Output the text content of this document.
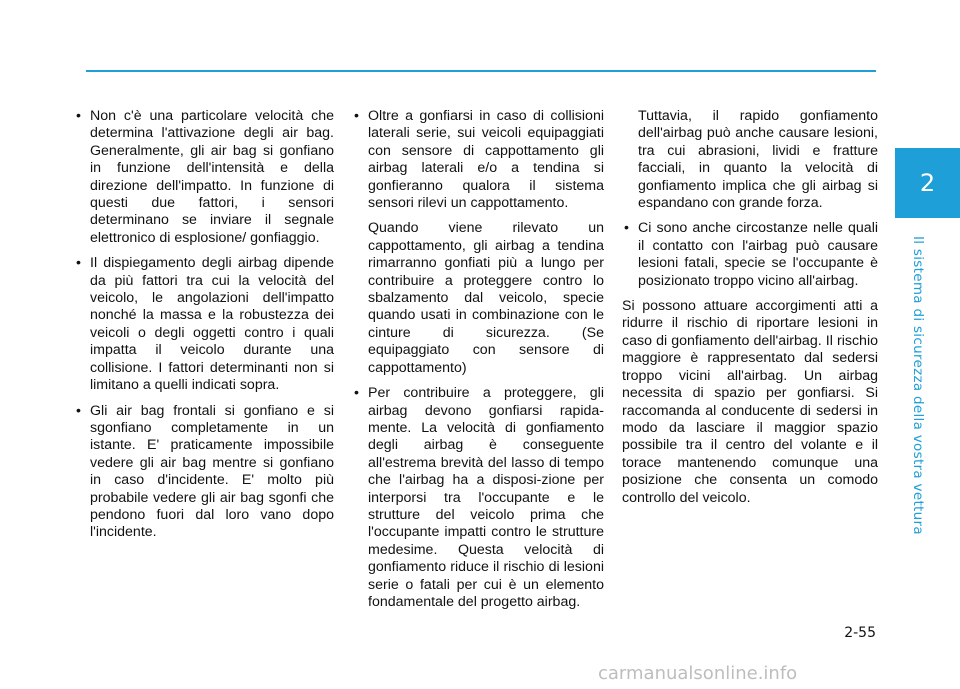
2
Il sistema di sicurezza della vostra vettura
• Non c'è una particolare velocità che determina l'attivazione degli air bag. Generalmente, gli air bag si gonfiano in funzione dell'intensità e della direzione dell'impatto. In funzione di questi due fattori, i sensori determinano se inviare il segnale elettronico di esplosione/ gonfiaggio.
• Il dispiegamento degli airbag dipende da più fattori tra cui la velocità del veicolo, le angolazioni dell'impatto nonché la massa e la robustezza dei veicoli o degli oggetti contro i quali impatta il veicolo durante una collisione. I fattori determinanti non si limitano a quelli indicati sopra.
• Gli air bag frontali si gonfiano e si sgonfiano completamente in un istante. E' praticamente impossibile vedere gli air bag mentre si gonfiano in caso d'incidente. E' molto più probabile vedere gli air bag sgonfi che pendono fuori dal loro vano dopo l'incidente.
• Oltre a gonfiarsi in caso di collisioni laterali serie, sui veicoli equipaggiati con sensore di cappottamento gli airbag laterali e/o a tendina si gonfieranno qualora il sistema sensori rilevi un cappottamento.

Quando viene rilevato un cappottamento, gli airbag a tendina rimarranno gonfiati più a lungo per contribuire a proteggere contro lo sbalzamento dal veicolo, specie quando usati in combinazione con le cinture di sicurezza. (Se equipaggiato con sensore di cappottamento)

• Per contribuire a proteggere, gli airbag devono gonfiarsi rapida-mente. La velocità di gonfiamento degli airbag è conseguente all'estrema brevità del lasso di tempo che l'airbag ha a disposi-zione per interporsi tra l'occupante e le strutture del veicolo prima che l'occupante impatti contro le strutture medesime. Questa velocità di gonfiamento riduce il rischio di lesioni serie o fatali per cui è un elemento fondamentale del progetto airbag.

Tuttavia, il rapido gonfiamento dell'airbag può anche causare lesioni, tra cui abrasioni, lividi e fratture facciali, in quanto la velocità di gonfiamento implica che gli airbag si espandano con grande forza.

• Ci sono anche circostanze nelle quali il contatto con l'airbag può causare lesioni fatali, specie se l'occupante è posizionato troppo vicino all'airbag.

Si possono attuare accorgimenti atti a ridurre il rischio di riportare lesioni in caso di gonfiamento dell'airbag. Il rischio maggiore è rappresentato dal sedersi troppo vicini all'airbag. Un airbag necessita di spazio per gonfiarsi. Si raccomanda al conducente di sedersi in modo da lasciare il maggior spazio possibile tra il centro del volante e il torace mantenendo comunque una posizione che consenta un comodo controllo del veicolo.

2-55
carmanualsonline.info
